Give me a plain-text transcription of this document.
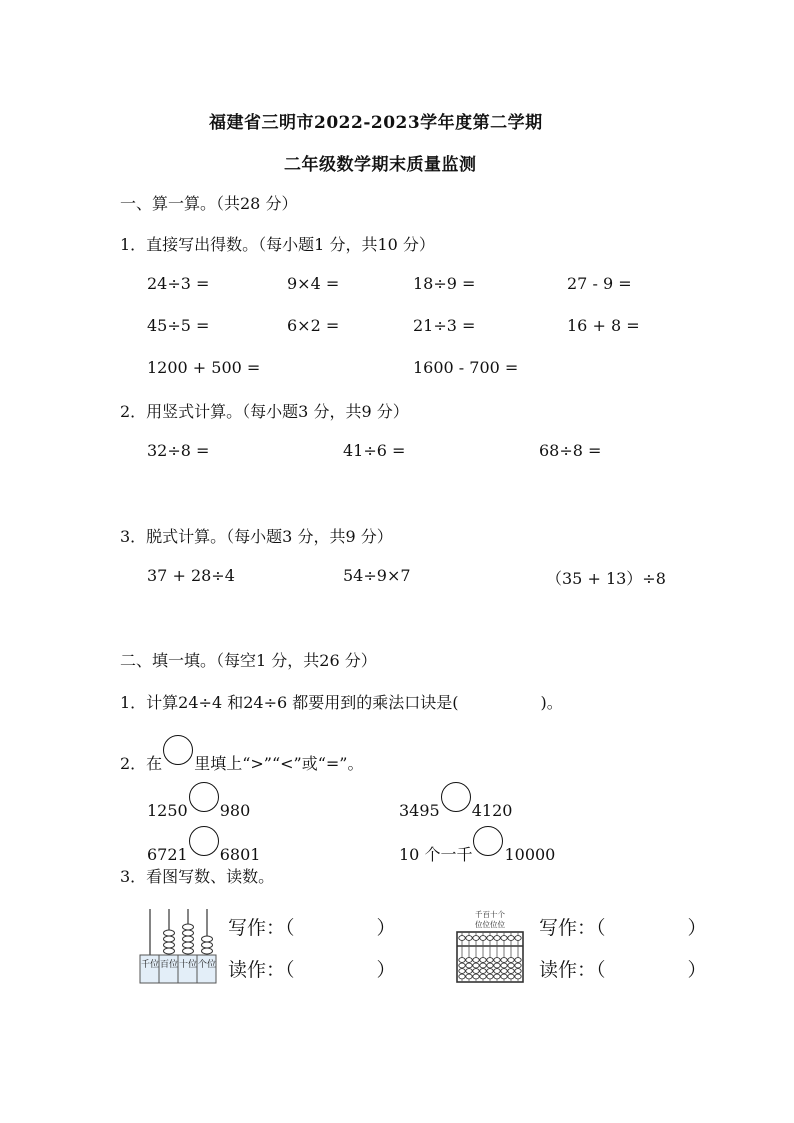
福建省三明市2022-2023学年度第二学期
二年级数学期末质量监测
一、算一算。（共28 分）
1．直接写出得数。（每小题1 分，共10 分）
24÷3 =	9×4 =	18÷9 =	27 - 9 =
45÷5 =	6×2 =	21÷3 =	16 + 8 =
1200 + 500 =	1600 - 700 =
2．用竖式计算。（每小题3 分，共9 分）
32÷8 =	41÷6 =	68÷8 =
3．脱式计算。（每小题3 分，共9 分）
37 + 28÷4	54÷9×7	（35 + 13）÷8
二、填一填。（每空1 分，共26 分）
1．计算24÷4 和24÷6 都要用到的乘法口诀是(	)。
2．在 里填上“>”“<”或“=”。
1250 980	3495 4120
6721 6801	10 个一千 10000
3．看图写数、读数。
千位 百位 十位 个位
写作：（	）
读作：（	）
千百十个
位位位位 写作：（	）
读作：（	）
